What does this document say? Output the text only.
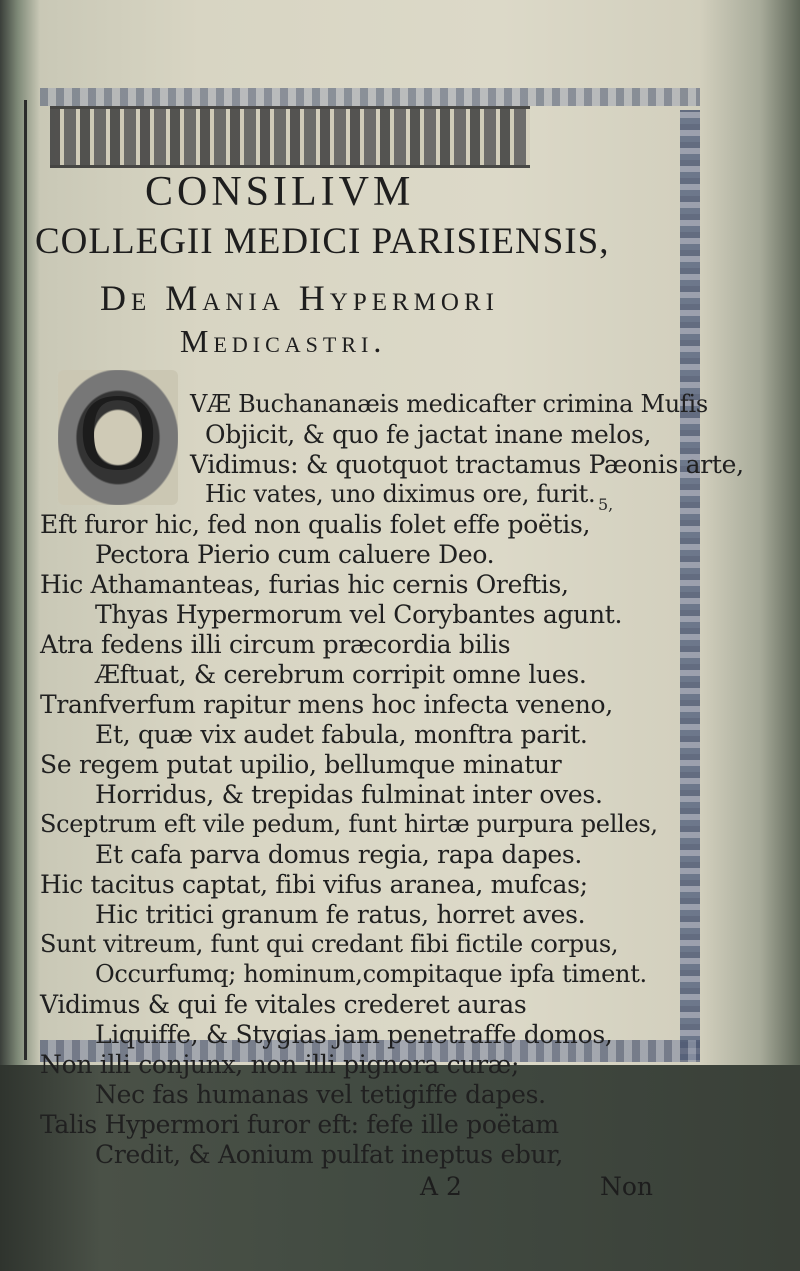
CONSILIVM
COLLEGII MEDICI PARISIENSIS,
De Mania Hypermori
Medicastri.
O	VÆ Buchananæis medicafter crimina Mufis
Objicit, & quo fe jactat inane melos,
Vidimus: & quotquot tractamus Pæonis arte,
Hic vates, uno diximus ore, furit. 5,
Eft furor hic, fed non qualis folet effe poëtis,
Pectora Pierio cum caluere Deo.
Hic Athamanteas, furias hic cernis Oreftis,
Thyas Hypermorum vel Corybantes agunt.
Atra fedens illi circum præcordia bilis
Æftuat, & cerebrum corripit omne lues.
Tranfverfum rapitur mens hoc infecta veneno,
Et, quæ vix audet fabula, monftra parit.
Se regem putat upilio, bellumque minatur
Horridus, & trepidas fulminat inter oves.
Sceptrum eft vile pedum, funt hirtæ purpura pelles,
Et cafa parva domus regia, rapa dapes.
Hic tacitus captat, fibi vifus aranea, mufcas;
Hic tritici granum fe ratus, horret aves.
Sunt vitreum, funt qui credant fibi fictile corpus,
Occurfumq; hominum,compitaque ipfa timent.
Vidimus & qui fe vitales crederet auras
Liquiffe, & Stygias jam penetraffe domos,
Non illi conjunx, non illi pignora curæ;
Nec fas humanas vel tetigiffe dapes.
Talis Hypermori furor eft: fefe ille poëtam
Credit, & Aonium pulfat ineptus ebur,
A 2	Non
